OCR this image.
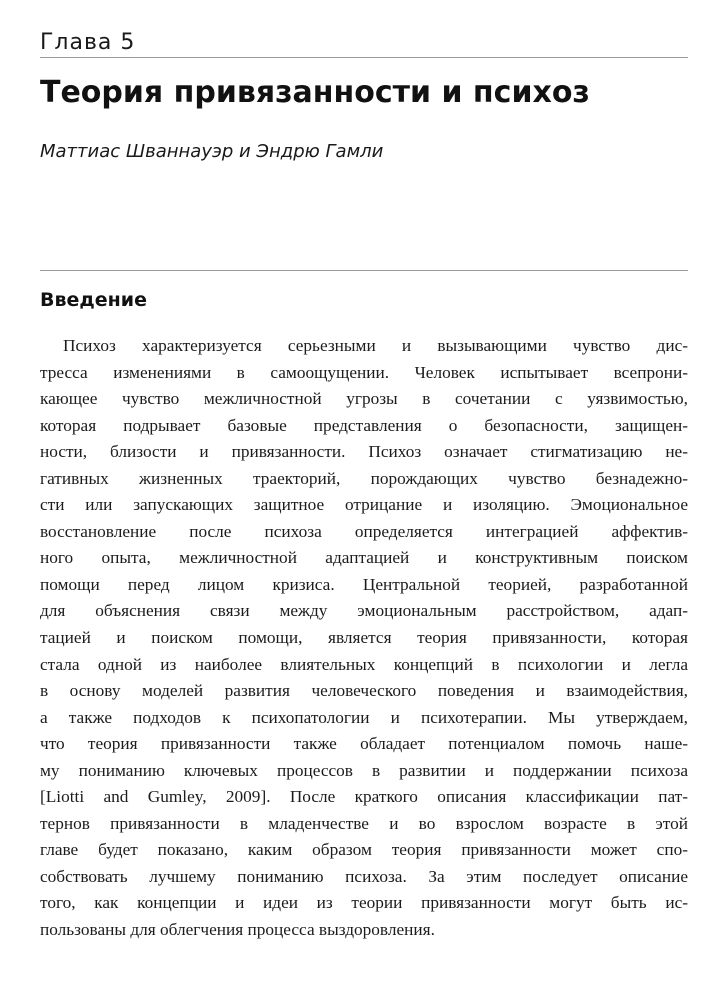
Глава 5
Теория привязанности и психоз
Маттиас Шваннауэр и Эндрю Гамли
Введение
Психоз характеризуется серьезными и вызывающими чувство дис-
тресса изменениями в самоощущении. Человек испытывает всепрони-
кающее чувство межличностной угрозы в сочетании с уязвимостью,
которая подрывает базовые представления о безопасности, защищен-
ности, близости и привязанности. Психоз означает стигматизацию не-
гативных жизненных траекторий, порождающих чувство безнадежно-
сти или запускающих защитное отрицание и изоляцию. Эмоциональное
восстановление после психоза определяется интеграцией аффектив-
ного опыта, межличностной адаптацией и конструктивным поиском
помощи перед лицом кризиса. Центральной теорией, разработанной
для объяснения связи между эмоциональным расстройством, адап-
тацией и поиском помощи, является теория привязанности, которая
стала одной из наиболее влиятельных концепций в психологии и легла
в основу моделей развития человеческого поведения и взаимодействия,
а также подходов к психопатологии и психотерапии. Мы утверждаем,
что теория привязанности также обладает потенциалом помочь наше-
му пониманию ключевых процессов в развитии и поддержании психоза
[Liotti and Gumley, 2009]. После краткого описания классификации пат-
тернов привязанности в младенчестве и во взрослом возрасте в этой
главе будет показано, каким образом теория привязанности может спо-
собствовать лучшему пониманию психоза. За этим последует описание
того, как концепции и идеи из теории привязанности могут быть ис-
пользованы для облегчения процесса выздоровления.
